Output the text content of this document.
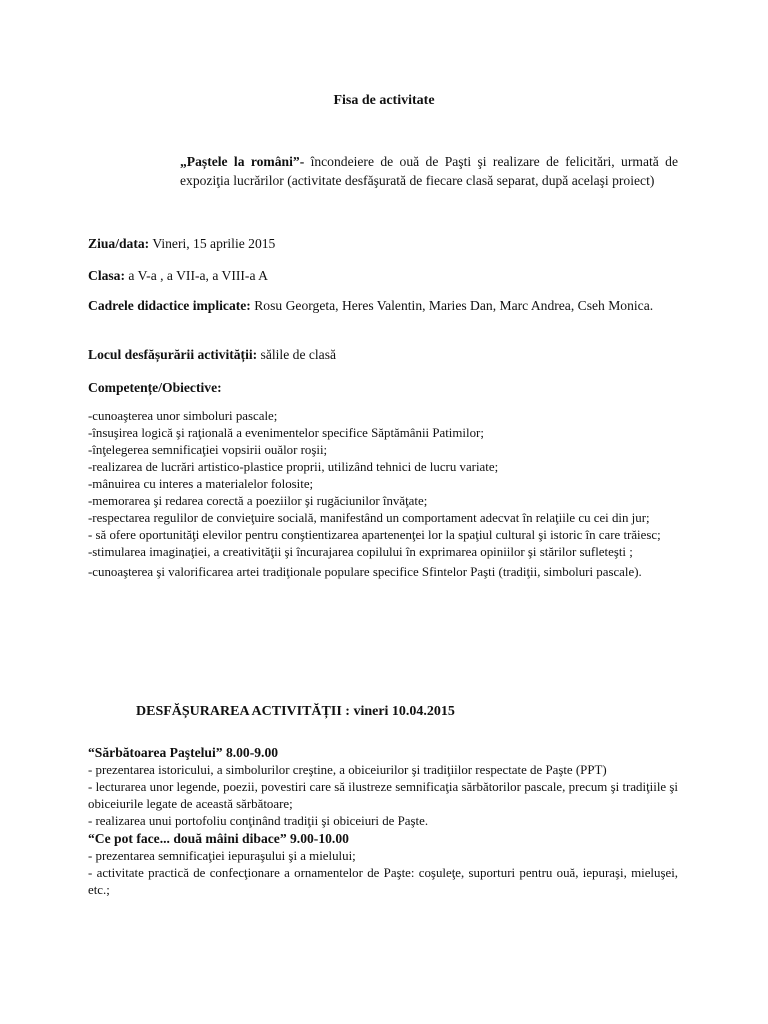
Fisa de activitate
„Paștele la români”- încondeiere de ouă de Paşti şi realizare de felicitări, urmată de expoziţia lucrărilor (activitate desfăşurată de fiecare clasă separat, după acelaşi proiect)
Ziua/data: Vineri, 15 aprilie 2015
Clasa: a V-a , a VII-a, a VIII-a A
Cadrele didactice implicate: Rosu Georgeta, Heres Valentin, Maries Dan, Marc Andrea, Cseh Monica.
Locul desfășurării activității: sălile de clasă
Competențe/Obiective:
-cunoaşterea unor simboluri pascale;
-însuşirea logică şi raţională a evenimentelor specifice Săptămânii Patimilor;
-înţelegerea semnificaţiei vopsirii ouălor roşii;
-realizarea de lucrări artistico-plastice proprii, utilizând tehnici de lucru variate;
-mânuirea cu interes a materialelor folosite;
-memorarea şi redarea corectă a poeziilor şi rugăciunilor învăţate;
-respectarea regulilor de convieţuire socială, manifestând un comportament adecvat în relaţiile cu cei din jur;
- să ofere oportunităţi elevilor pentru conştientizarea apartenenţei lor la spaţiul cultural şi istoric în care trăiesc;
-stimularea imaginaţiei, a creativităţii şi încurajarea copilului în exprimarea opiniilor şi stărilor sufleteşti ;
-cunoaşterea şi valorificarea artei tradiţionale populare specifice Sfintelor Paşti (tradiţii, simboluri pascale).
DESFĂȘURAREA ACTIVITĂȚII : vineri 10.04.2015
“Sărbătoarea Paştelui” 8.00-9.00
- prezentarea istoricului, a simbolurilor creştine, a obiceiurilor şi tradiţiilor respectate de Paşte (PPT)
- lecturarea unor legende, poezii, povestiri care să ilustreze semnificaţia sărbătorilor pascale, precum şi tradiţiile şi obiceiurile legate de această sărbătoare;
- realizarea unui portofoliu conţinând tradiţii şi obiceiuri de Paşte.
“Ce pot face... două mâini dibace” 9.00-10.00
- prezentarea semnificaţiei iepuraşului şi a mielului;
- activitate practică de confecţionare a ornamentelor de Paşte: coşuleţe, suporturi pentru ouă, iepuraşi, mieluşei, etc.;
